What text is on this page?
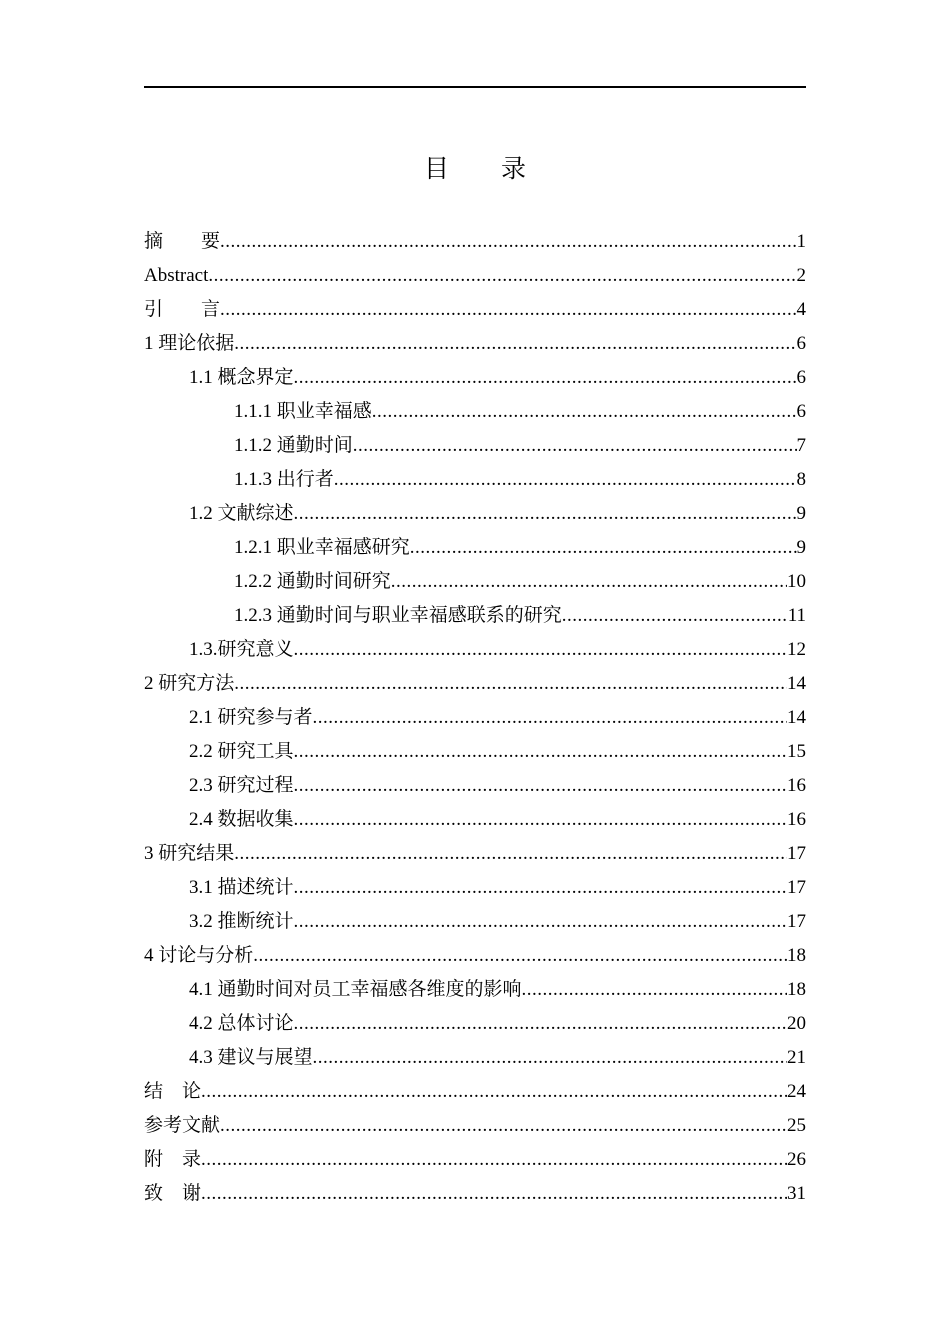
目 录
摘　　要 .....	1
Abstract .....	2
引　　言 .....	4
1 理论依据 .....	6
1.1 概念界定 .....	6
1.1.1 职业幸福感 .....	6
1.1.2 通勤时间 .....	7
1.1.3 出行者 .....	8
1.2 文献综述 .....	9
1.2.1 职业幸福感研究 .....	9
1.2.2 通勤时间研究 .....	10
1.2.3 通勤时间与职业幸福感联系的研究 .....	11
1.3.研究意义 .....	12
2 研究方法 .....	14
2.1 研究参与者 .....	14
2.2 研究工具 .....	15
2.3 研究过程 .....	16
2.4 数据收集 .....	16
3 研究结果 .....	17
3.1 描述统计 .....	17
3.2 推断统计 .....	17
4 讨论与分析 .....	18
4.1 通勤时间对员工幸福感各维度的影响 .....	18
4.2 总体讨论 .....	20
4.3 建议与展望 .....	21
结　论 .....	24
参考文献 .....	25
附　录 .....	26
致　谢 .....	31
